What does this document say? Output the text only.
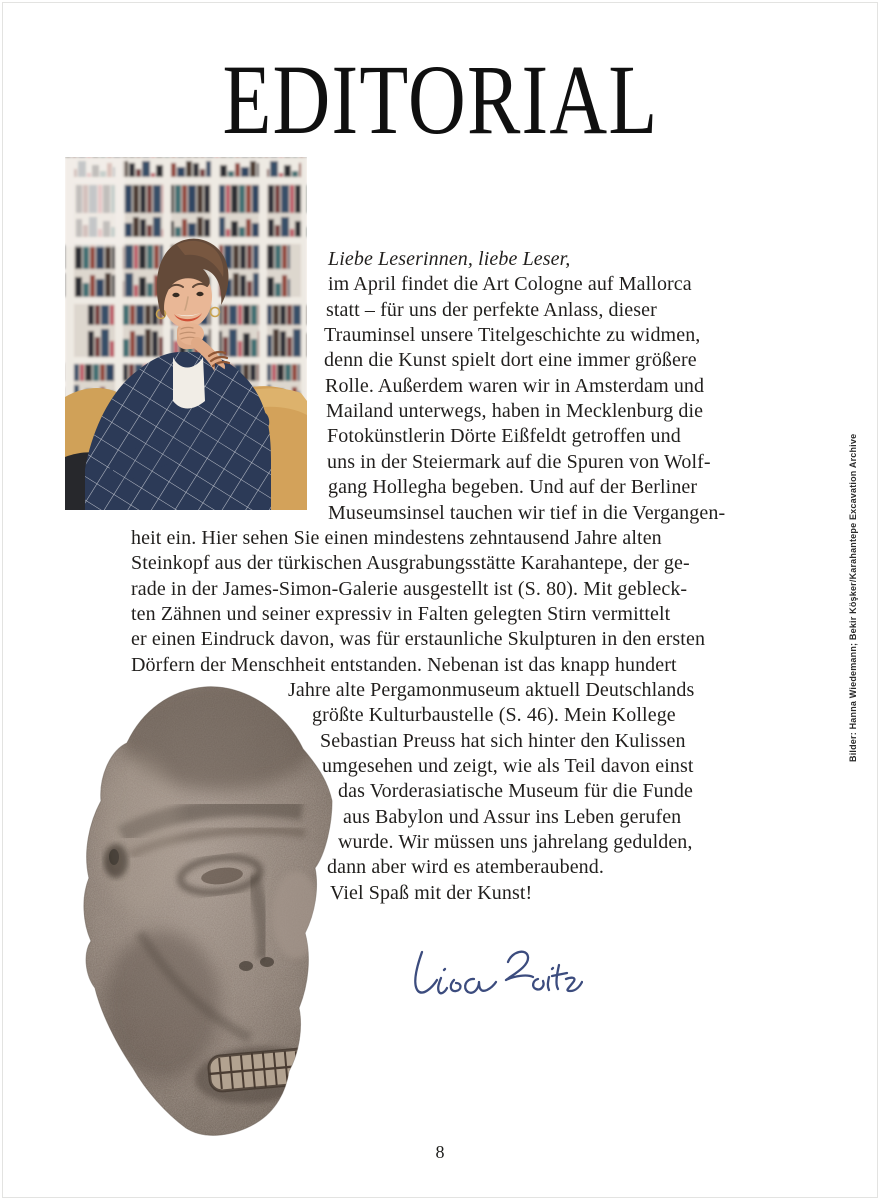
EDITORIAL
Liebe Leserinnen, liebe Leser,
im April findet die Art Cologne auf Mallorca
statt – für uns der perfekte Anlass, dieser
Trauminsel unsere Titelgeschichte zu widmen,
denn die Kunst spielt dort eine immer größere
Rolle. Außerdem waren wir in Amsterdam und
Mailand unterwegs, haben in Mecklenburg die
Fotokünstlerin Dörte Eißfeldt getroffen und
uns in der Steiermark auf die Spuren von Wolf-
gang Hollegha begeben. Und auf der Berliner
Museumsinsel tauchen wir tief in die Vergangen-
heit ein. Hier sehen Sie einen mindestens zehntausend Jahre alten
Steinkopf aus der türkischen Ausgrabungsstätte Karahantepe, der ge-
rade in der James-Simon-Galerie ausgestellt ist (S. 80). Mit gebleck-
ten Zähnen und seiner expressiv in Falten gelegten Stirn vermittelt
er einen Eindruck davon, was für erstaunliche Skulpturen in den ersten
Dörfern der Menschheit entstanden. Nebenan ist das knapp hundert
Jahre alte Pergamonmuseum aktuell Deutschlands
größte Kulturbaustelle (S. 46). Mein Kollege
Sebastian Preuss hat sich hinter den Kulissen
umgesehen und zeigt, wie als Teil davon einst
das Vorderasiatische Museum für die Funde
aus Babylon und Assur ins Leben gerufen
wurde. Wir müssen uns jahrelang gedulden,
dann aber wird es atemberaubend.
Viel Spaß mit der Kunst!
Bilder: Hanna Wiedemann; Bekir Köşker/Karahantepe Excavation Archive
8
